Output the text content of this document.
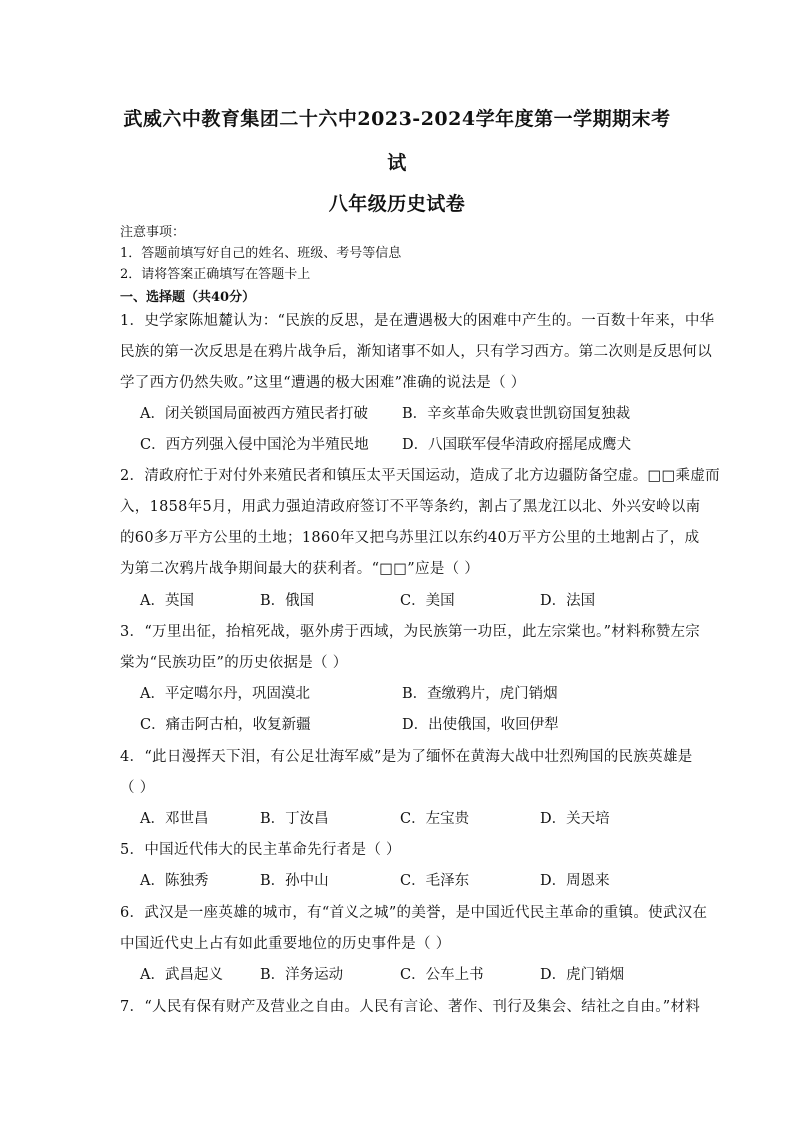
武威六中教育集团二十六中2023-2024学年度第一学期期末考
试
八年级历史试卷
注意事项：
1．答题前填写好自己的姓名、班级、考号等信息
2．请将答案正确填写在答题卡上
一、选择题（共40分）
1．史学家陈旭麓认为：“民族的反思，是在遭遇极大的困难中产生的。一百数十年来，中华
民族的第一次反思是在鸦片战争后，渐知诸事不如人，只有学习西方。第二次则是反思何以
学了西方仍然失败。”这里“遭遇的极大困难”准确的说法是（ ）
A．闭关锁国局面被西方殖民者打破 B．辛亥革命失败袁世凯窃国复独裁
C．西方列强入侵中国沦为半殖民地 D．八国联军侵华清政府摇尾成鹰犬
2．清政府忙于对付外来殖民者和镇压太平天国运动，造成了北方边疆防备空虚。□□乘虚而
入，1858年5月，用武力强迫清政府签订不平等条约，割占了黑龙江以北、外兴安岭以南
的60多万平方公里的土地；1860年又把乌苏里江以东约40万平方公里的土地割占了，成
为第二次鸦片战争期间最大的获利者。“□□”应是（ ）
A．英国	B．俄国	C．美国	D．法国
3．“万里出征，抬棺死战，驱外虏于西域，为民族第一功臣，此左宗棠也。”材料称赞左宗
棠为“民族功臣”的历史依据是（ ）
A．平定噶尔丹，巩固漠北	B．查缴鸦片，虎门销烟
C．痛击阿古柏，收复新疆	D．出使俄国，收回伊犁
4．“此日漫挥天下泪，有公足壮海军威”是为了缅怀在黄海大战中壮烈殉国的民族英雄是
（ ）
A．邓世昌	B．丁汝昌	C．左宝贵	D．关天培
5．中国近代伟大的民主革命先行者是（ ）
A．陈独秀	B．孙中山	C．毛泽东	D．周恩来
6．武汉是一座英雄的城市，有“首义之城”的美誉，是中国近代民主革命的重镇。使武汉在
中国近代史上占有如此重要地位的历史事件是（ ）
A．武昌起义	B．洋务运动	C．公车上书	D．虎门销烟
7．“人民有保有财产及营业之自由。人民有言论、著作、刊行及集会、结社之自由。”材料
